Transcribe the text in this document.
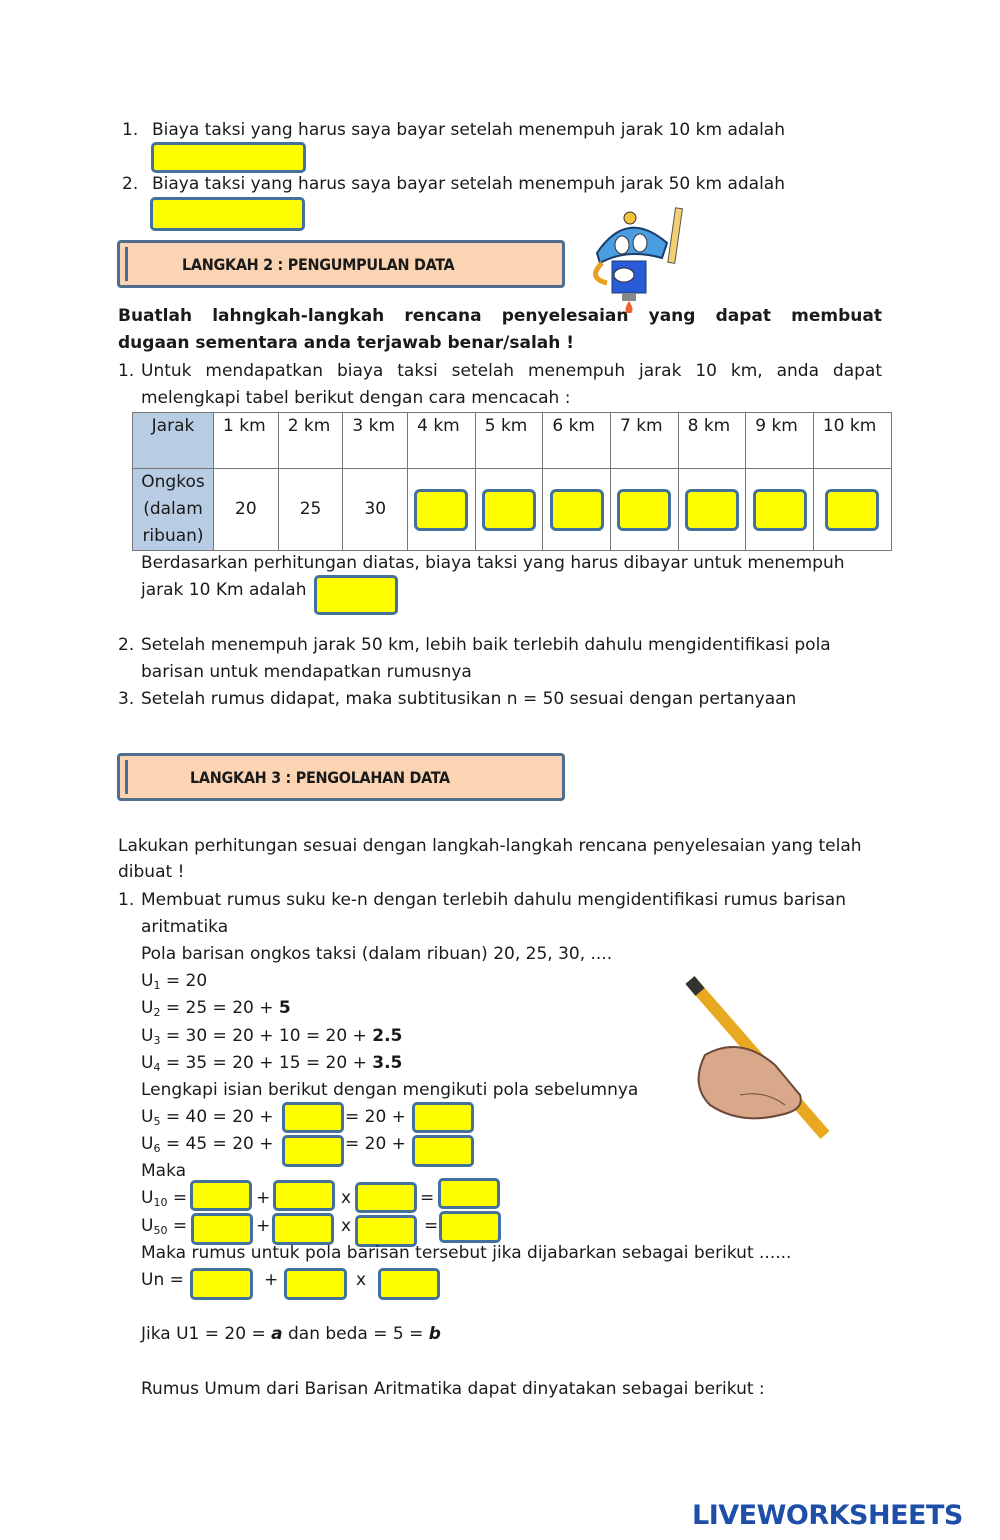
1. Biaya taksi yang harus saya bayar setelah menempuh jarak 10 km adalah
2. Biaya taksi yang harus saya bayar setelah menempuh jarak 50 km adalah
LANGKAH 2 : PENGUMPULAN DATA
Buatlah lahngkah-langkah rencana penyelesaian yang dapat membuat
dugaan sementara anda terjawab benar/salah !
1. Untuk mendapatkan biaya taksi setelah menempuh jarak 10 km, anda dapat
melengkapi tabel berikut dengan cara mencacah :
Jarak	1 km	2 km	3 km	4 km	5 km	6 km	7 km	8 km	9 km	10 km
Ongkos (dalam ribuan)	20	25	30							
Berdasarkan perhitungan diatas, biaya taksi yang harus dibayar untuk menempuh
jarak 10 Km adalah
2. Setelah menempuh jarak 50 km, lebih baik terlebih dahulu mengidentifikasi pola
barisan untuk mendapatkan rumusnya
3. Setelah rumus didapat, maka subtitusikan n = 50 sesuai dengan pertanyaan
LANGKAH 3 : PENGOLAHAN DATA
Lakukan perhitungan sesuai dengan langkah-langkah rencana penyelesaian yang telah
dibuat !
1. Membuat rumus suku ke-n dengan terlebih dahulu mengidentifikasi rumus barisan
aritmatika
Pola barisan ongkos taksi (dalam ribuan) 20, 25, 30, ....
$U_1 = 20$
$U_2 = 25 = 20 + 5$
$U_3 = 30 = 20 + 10 = 20 + 2.5$
$U_4 = 35 = 20 + 15 = 20 + 3.5$
Lengkapi isian berikut dengan mengikuti pola sebelumnya
$U_5 = 40 = 20$ +	= 20 +
$U_6 = 45 = 20$ +	= 20 +
Maka
$U_{10}$ =	+	x	=
$U_{50}$ =	+	x	=
Maka rumus untuk pola barisan tersebut jika dijabarkan sebagai berikut ......
Un =	+	x
Jika U1 = 20 = a dan beda = 5 = b
Rumus Umum dari Barisan Aritmatika dapat dinyatakan sebagai berikut :
LIVEWORKSHEETS
